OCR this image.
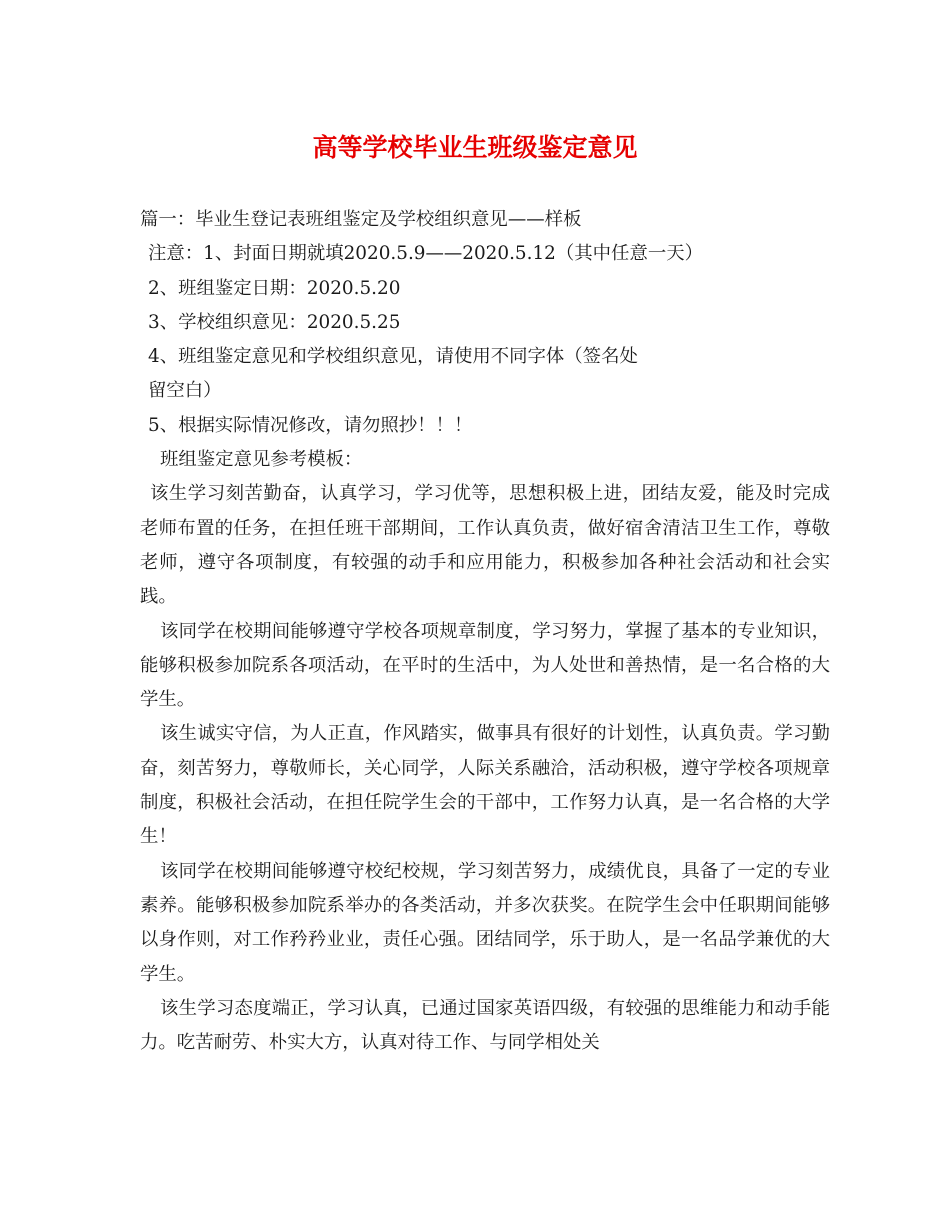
高等学校毕业生班级鉴定意见
篇一：毕业生登记表班组鉴定及学校组织意见——样板
注意：1、封面日期就填2020.5.9——2020.5.12（其中任意一天）
2、班组鉴定日期：2020.5.20
3、学校组织意见：2020.5.25
4、班组鉴定意见和学校组织意见，请使用不同字体（签名处
留空白）
5、根据实际情况修改，请勿照抄！！！
班组鉴定意见参考模板：
该生学习刻苦勤奋，认真学习，学习优等，思想积极上进，团结友爱，能及时完成老师布置的任务，在担任班干部期间，工作认真负责，做好宿舍清洁卫生工作，尊敬老师，遵守各项制度，有较强的动手和应用能力，积极参加各种社会活动和社会实践。
该同学在校期间能够遵守学校各项规章制度，学习努力，掌握了基本的专业知识，能够积极参加院系各项活动，在平时的生活中，为人处世和善热情，是一名合格的大学生。
该生诚实守信，为人正直，作风踏实，做事具有很好的计划性，认真负责。学习勤奋，刻苦努力，尊敬师长，关心同学，人际关系融洽，活动积极，遵守学校各项规章制度，积极社会活动，在担任院学生会的干部中，工作努力认真，是一名合格的大学生！
该同学在校期间能够遵守校纪校规，学习刻苦努力，成绩优良，具备了一定的专业素养。能够积极参加院系举办的各类活动，并多次获奖。在院学生会中任职期间能够以身作则，对工作矜矜业业，责任心强。团结同学，乐于助人，是一名品学兼优的大学生。
该生学习态度端正，学习认真，已通过国家英语四级，有较强的思维能力和动手能力。吃苦耐劳、朴实大方，认真对待工作、与同学相处关
